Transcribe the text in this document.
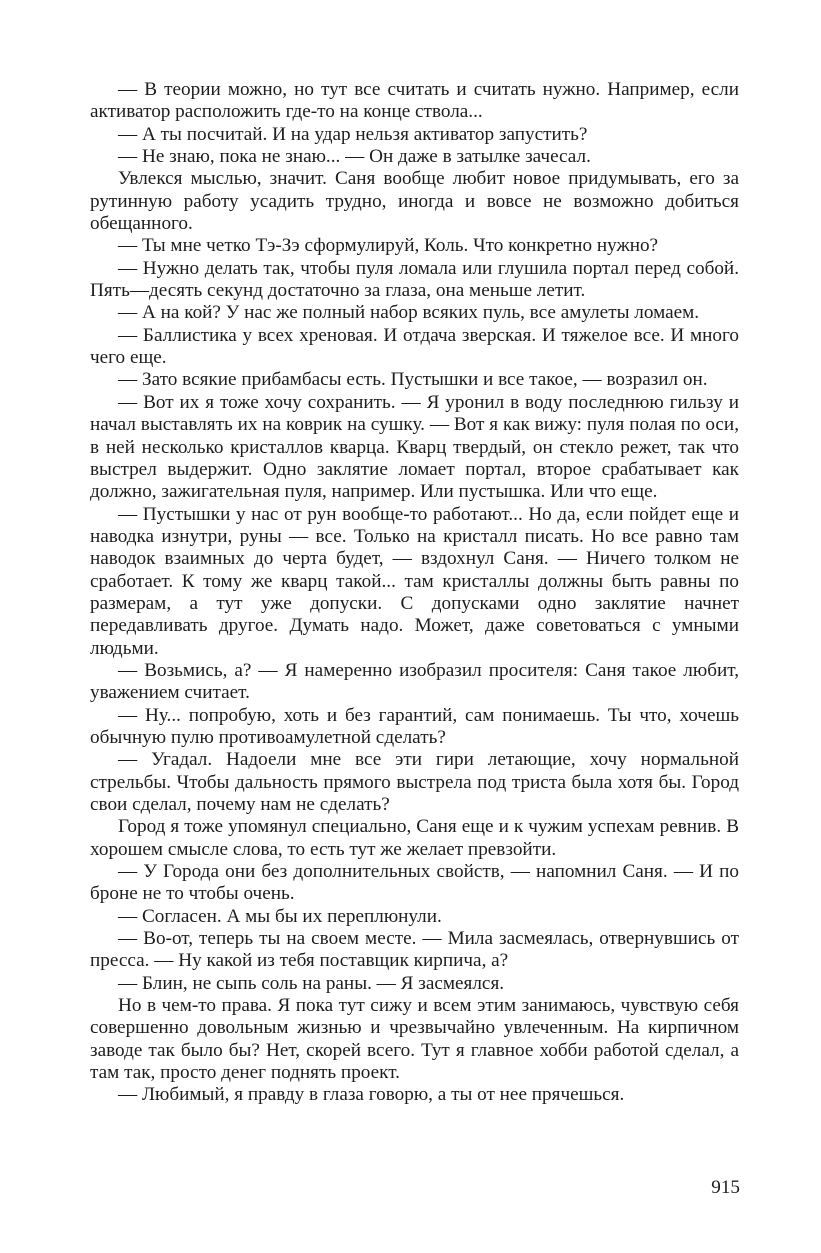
— В теории можно, но тут все считать и считать нужно. Например, если активатор расположить где-то на конце ствола...

— А ты посчитай. И на удар нельзя активатор запустить?

— Не знаю, пока не знаю... — Он даже в затылке зачесал.

Увлекся мыслью, значит. Саня вообще любит новое придумывать, его за рутинную работу усадить трудно, иногда и вовсе не возможно добиться обещанного.

— Ты мне четко Тэ-Зэ сформулируй, Коль. Что конкретно нужно?

— Нужно делать так, чтобы пуля ломала или глушила портал перед собой. Пять—десять секунд достаточно за глаза, она меньше летит.

— А на кой? У нас же полный набор всяких пуль, все амулеты ломаем.

— Баллистика у всех хреновая. И отдача зверская. И тяжелое все. И много чего еще.

— Зато всякие прибамбасы есть. Пустышки и все такое, — возразил он.

— Вот их я тоже хочу сохранить. — Я уронил в воду последнюю гильзу и начал выставлять их на коврик на сушку. — Вот я как вижу: пуля полая по оси, в ней несколько кристаллов кварца. Кварц твердый, он стекло режет, так что выстрел выдержит. Одно заклятие ломает портал, второе срабатывает как должно, зажигательная пуля, например. Или пустышка. Или что еще.

— Пустышки у нас от рун вообще-то работают... Но да, если пойдет еще и наводка изнутри, руны — все. Только на кристалл писать. Но все равно там наводок взаимных до черта будет, — вздохнул Саня. — Ничего толком не сработает. К тому же кварц такой... там кристаллы должны быть равны по размерам, а тут уже допуски. С допусками одно заклятие начнет передавливать другое. Думать надо. Может, даже советоваться с умными людьми.

— Возьмись, а? — Я намеренно изобразил просителя: Саня такое любит, уважением считает.

— Ну... попробую, хоть и без гарантий, сам понимаешь. Ты что, хочешь обычную пулю противоамулетной сделать?

— Угадал. Надоели мне все эти гири летающие, хочу нормальной стрельбы. Чтобы дальность прямого выстрела под триста была хотя бы. Город свои сделал, почему нам не сделать?

Город я тоже упомянул специально, Саня еще и к чужим успехам ревнив. В хорошем смысле слова, то есть тут же желает превзойти.

— У Города они без дополнительных свойств, — напомнил Саня. — И по броне не то чтобы очень.

— Согласен. А мы бы их переплюнули.

— Во-от, теперь ты на своем месте. — Мила засмеялась, отвернувшись от пресса. — Ну какой из тебя поставщик кирпича, а?

— Блин, не сыпь соль на раны. — Я засмеялся.

Но в чем-то права. Я пока тут сижу и всем этим занимаюсь, чувствую себя совершенно довольным жизнью и чрезвычайно увлеченным. На кирпичном заводе так было бы? Нет, скорей всего. Тут я главное хобби работой сделал, а там так, просто денег поднять проект.

— Любимый, я правду в глаза говорю, а ты от нее прячешься.

915
